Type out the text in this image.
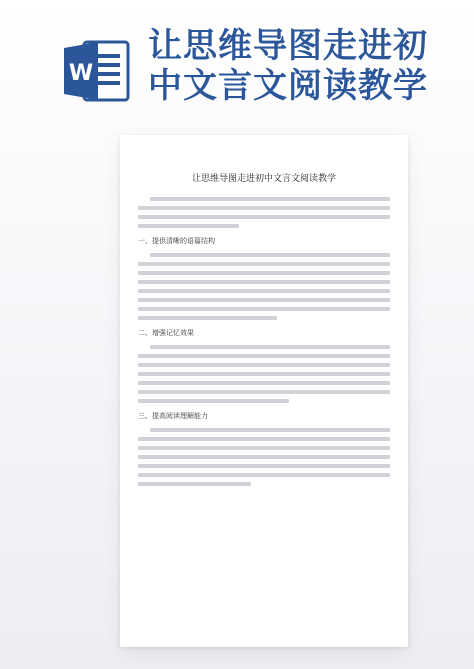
W
让思维导图走进初
中文言文阅读教学
让思维导图走进初中文言文阅读教学
一、提供清晰的语篇结构
二、增强记忆效果
三、提高阅读理解能力
